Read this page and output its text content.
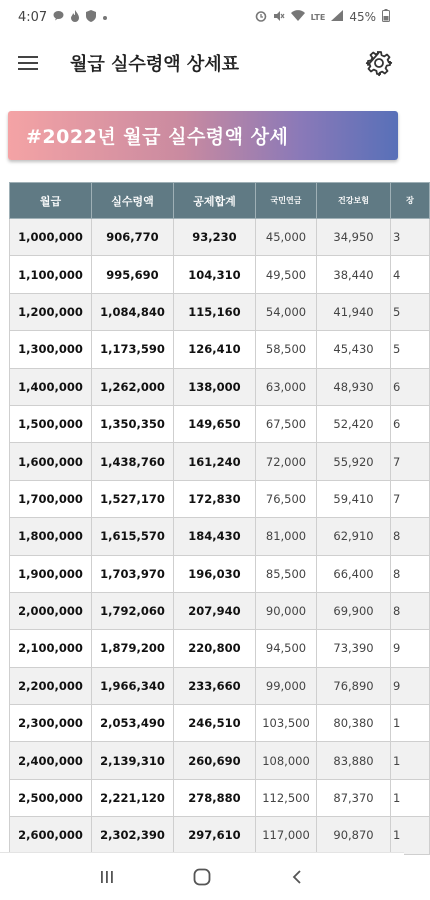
4:07	LTE 45%
월급 실수령액 상세표
#2022년 월급 실수령액 상세
월급	실수령액	공제합계	국민연금	건강보험	장
1,000,000	906,770	93,230	45,000	34,950	3
1,100,000	995,690	104,310	49,500	38,440	4
1,200,000	1,084,840	115,160	54,000	41,940	5
1,300,000	1,173,590	126,410	58,500	45,430	5
1,400,000	1,262,000	138,000	63,000	48,930	6
1,500,000	1,350,350	149,650	67,500	52,420	6
1,600,000	1,438,760	161,240	72,000	55,920	7
1,700,000	1,527,170	172,830	76,500	59,410	7
1,800,000	1,615,570	184,430	81,000	62,910	8
1,900,000	1,703,970	196,030	85,500	66,400	8
2,000,000	1,792,060	207,940	90,000	69,900	8
2,100,000	1,879,200	220,800	94,500	73,390	9
2,200,000	1,966,340	233,660	99,000	76,890	9
2,300,000	2,053,490	246,510	103,500	80,380	1
2,400,000	2,139,310	260,690	108,000	83,880	1
2,500,000	2,221,120	278,880	112,500	87,370	1
2,600,000	2,302,390	297,610	117,000	90,870	1
